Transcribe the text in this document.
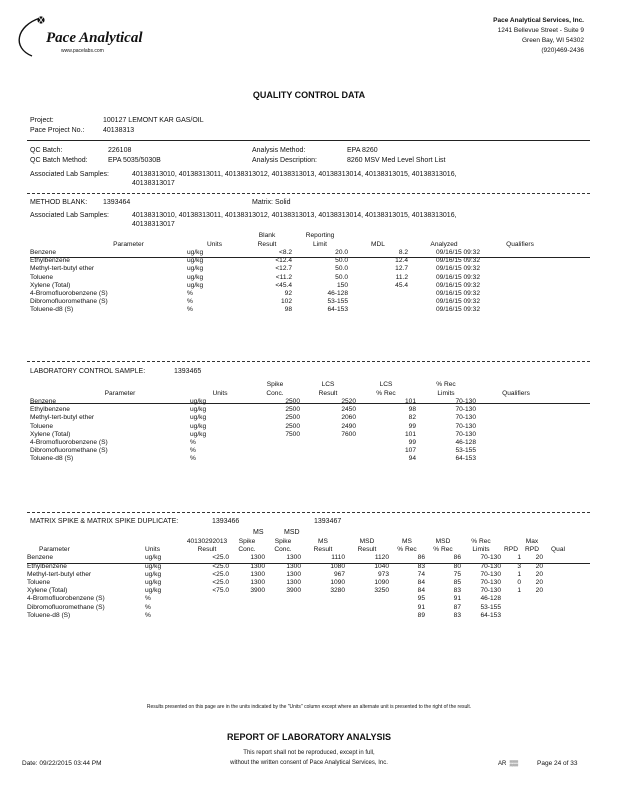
Pace Analytical
www.pacelabs.com
Pace Analytical Services, Inc.
1241 Bellevue Street - Suite 9
Green Bay, WI 54302
(920)469-2436
QUALITY CONTROL DATA
Project:	100127 LEMONT KAR GAS/OIL
Pace Project No.:	40138313
QC Batch:	226108	Analysis Method:	EPA 8260
QC Batch Method:	EPA 5035/5030B	Analysis Description:	8260 MSV Med Level Short List
Associated Lab Samples:	40138313010, 40138313011, 40138313012, 40138313013, 40138313014, 40138313015, 40138313016,
40138313017
METHOD BLANK: 1393464	Matrix: Solid
Associated Lab Samples:	40138313010, 40138313011, 40138313012, 40138313013, 40138313014, 40138313015, 40138313016,
40138313017
Parameter	Units	Blank
Result	Reporting
Limit	MDL	Analyzed	Qualifiers
Benzene	ug/kg	<8.2	20.0	8.2	09/16/15 09:32	
Ethylbenzene	ug/kg	<12.4	50.0	12.4	09/16/15 09:32	
Methyl-tert-butyl ether	ug/kg	<12.7	50.0	12.7	09/16/15 09:32	
Toluene	ug/kg	<11.2	50.0	11.2	09/16/15 09:32	
Xylene (Total)	ug/kg	<45.4	150	45.4	09/16/15 09:32	
4-Bromofluorobenzene (S)	%	92	46-128		09/16/15 09:32	
Dibromofluoromethane (S)	%	102	53-155		09/16/15 09:32	
Toluene-d8 (S)	%	98	64-153		09/16/15 09:32	
LABORATORY CONTROL SAMPLE:	1393465
Parameter	Units	Spike
Conc.	LCS
Result	LCS
% Rec	% Rec
Limits	Qualifiers
Benzene	ug/kg	2500	2520	101	70-130	
Ethylbenzene	ug/kg	2500	2450	98	70-130	
Methyl-tert-butyl ether	ug/kg	2500	2060	82	70-130	
Toluene	ug/kg	2500	2490	99	70-130	
Xylene (Total)	ug/kg	7500	7600	101	70-130	
4-Bromofluorobenzene (S)	%			99	46-128	
Dibromofluoromethane (S)	%			107	53-155	
Toluene-d8 (S)	%			94	64-153	
MATRIX SPIKE & MATRIX SPIKE DUPLICATE:	1393466	1393467
MS	MSD
		40130292013	Spike	Spike	MS	MSD	MS	MSD	% Rec		Max	
Parameter	Units	Result	Conc.	Conc.	Result	Result	% Rec	% Rec	Limits	RPD	RPD	Qual
Benzene	ug/kg	<25.0	1300	1300	1110	1120	86	86	70-130	1	20	
Ethylbenzene	ug/kg	<25.0	1300	1300	1080	1040	83	80	70-130	3	20	
Methyl-tert-butyl ether	ug/kg	<25.0	1300	1300	967	973	74	75	70-130	1	20	
Toluene	ug/kg	<25.0	1300	1300	1090	1090	84	85	70-130	0	20	
Xylene (Total)	ug/kg	<75.0	3900	3900	3280	3250	84	83	70-130	1	20	
4-Bromofluorobenzene (S)	%						95	91	46-128			
Dibromofluoromethane (S)	%						91	87	53-155			
Toluene-d8 (S)	%						89	83	64-153			
Results presented on this page are in the units indicated by the "Units" column except where an alternate unit is presented to the right of the result.
REPORT OF LABORATORY ANALYSIS
This report shall not be reproduced, except in full,
without the written consent of Pace Analytical Services, Inc.
Date: 09/22/2015 03:44 PM	AR  ▒▒	Page 24 of 33
